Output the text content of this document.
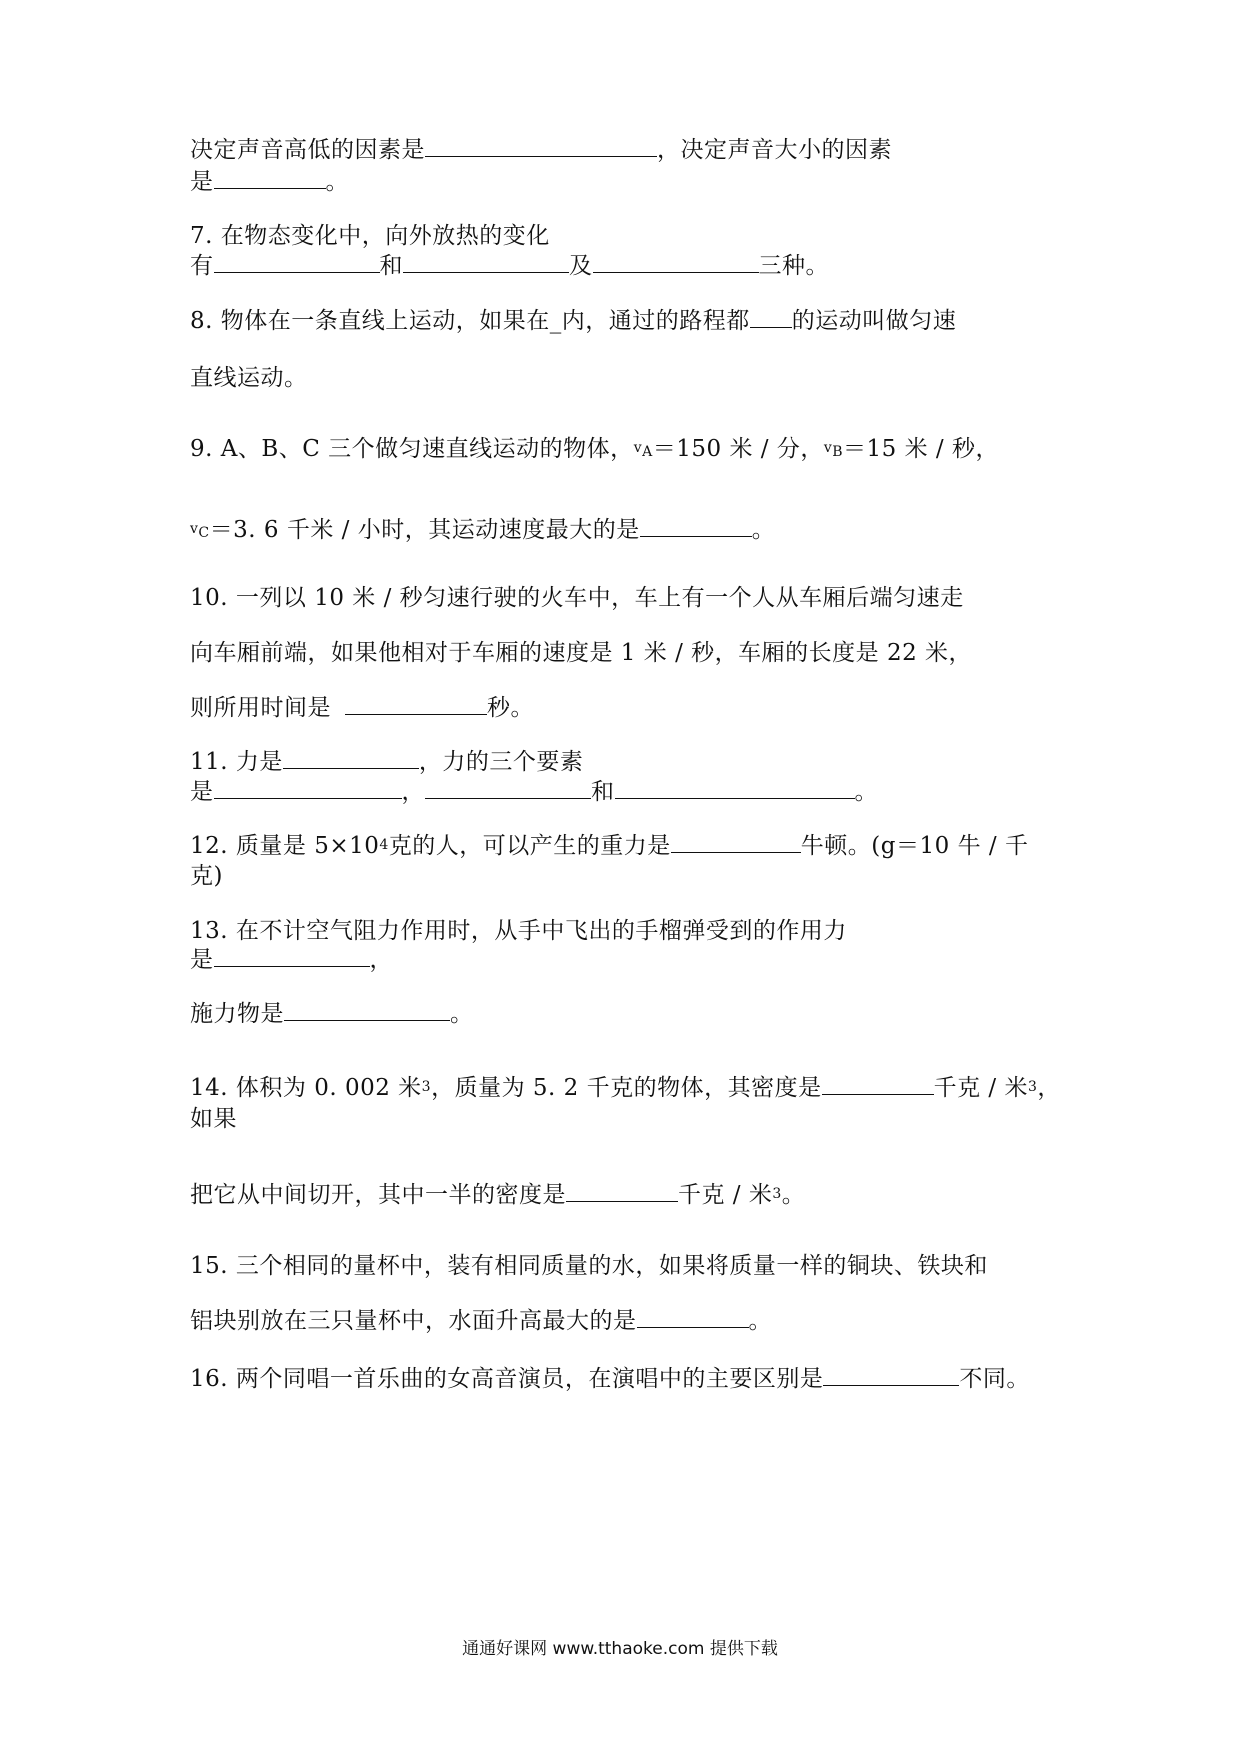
决定声音高低的因素是	，决定声音大小的因素
是	。
7. 在物态变化中，向外放热的变化
有	和	及	三种。
8. 物体在一条直线上运动，如果在_内，通过的路程都 的运动叫做匀速
直线运动。
9. A、B、C 三个做匀速直线运动的物体，$^v$A＝150 米 / 分，$^v$B＝15 米 / 秒，
$^v$C＝3. 6 千米 / 小时，其运动速度最大的是	。
10. 一列以 10 米 / 秒匀速行驶的火车中，车上有一个人从车厢后端匀速走
向车厢前端，如果他相对于车厢的速度是 1 米 / 秒，车厢的长度是 22 米，
则所用时间是	秒。
11. 力是	，力的三个要素
是	，	和	。
12. 质量是 $5\times 10^4$克的人，可以产生的重力是	牛顿。(g＝10 牛 / 千
克)
13. 在不计空气阻力作用时，从手中飞出的手榴弹受到的作用力
是	，
施力物是	。
14. 体积为 0. 002 米$^3$，质量为 5. 2 千克的物体，其密度是	千克 / 米$^3$，
如果
把它从中间切开，其中一半的密度是	千克 / 米$^3$。
15. 三个相同的量杯中，装有相同质量的水，如果将质量一样的铜块、铁块和
铝块别放在三只量杯中，水面升高最大的是	。
16. 两个同唱一首乐曲的女高音演员，在演唱中的主要区别是	不同。
通通好课网 www.tthaoke.com 提供下载
